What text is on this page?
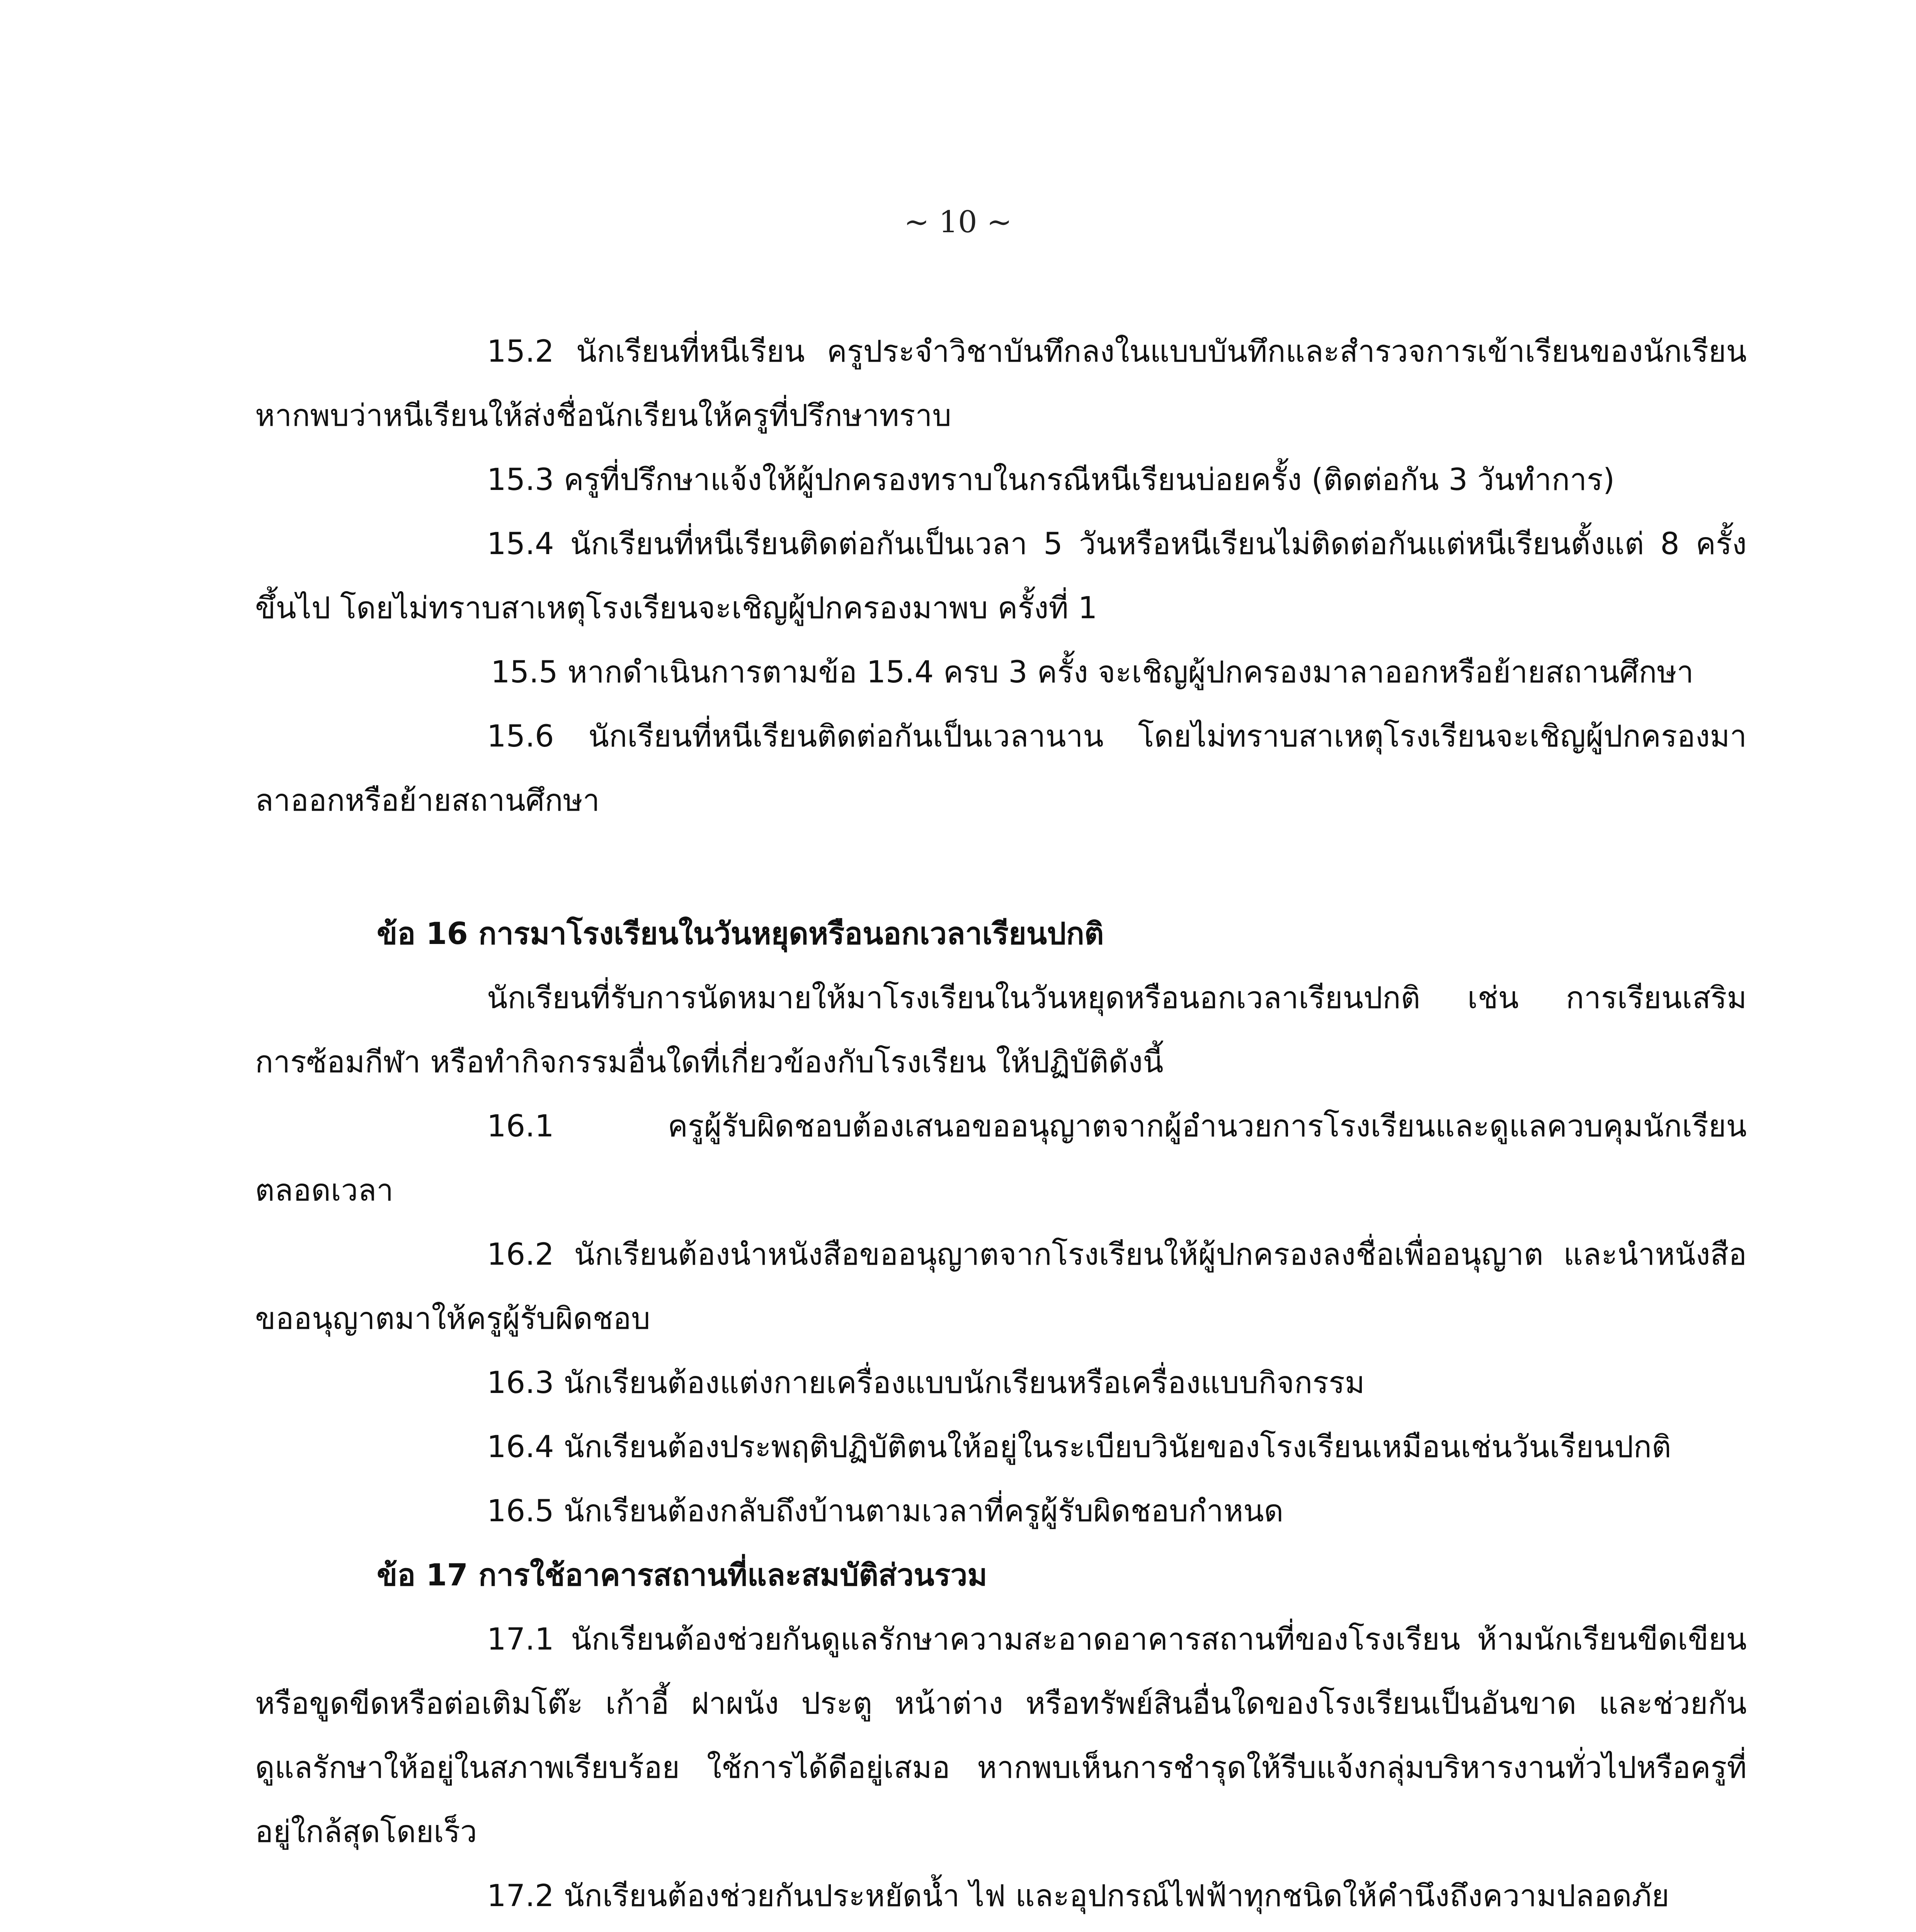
~ 10 ~

15.2 นักเรียนที่หนีเรียน ครูประจำวิชาบันทึกลงในแบบบันทึกและสำรวจการเข้าเรียนของนักเรียน

หากพบว่าหนีเรียนให้ส่งชื่อนักเรียนให้ครูที่ปรึกษาทราบ

15.3 ครูที่ปรึกษาแจ้งให้ผู้ปกครองทราบในกรณีหนีเรียนบ่อยครั้ง (ติดต่อกัน 3 วันทำการ)

15.4 นักเรียนที่หนีเรียนติดต่อกันเป็นเวลา 5 วันหรือหนีเรียนไม่ติดต่อกันแต่หนีเรียนตั้งแต่ 8 ครั้ง

ขึ้นไป โดยไม่ทราบสาเหตุโรงเรียนจะเชิญผู้ปกครองมาพบ ครั้งที่ 1

15.5 หากดำเนินการตามข้อ 15.4 ครบ 3 ครั้ง จะเชิญผู้ปกครองมาลาออกหรือย้ายสถานศึกษา

15.6 นักเรียนที่หนีเรียนติดต่อกันเป็นเวลานาน โดยไม่ทราบสาเหตุโรงเรียนจะเชิญผู้ปกครองมา

ลาออกหรือย้ายสถานศึกษา

ข้อ 16 การมาโรงเรียนในวันหยุดหรือนอกเวลาเรียนปกติ

นักเรียนที่รับการนัดหมายให้มาโรงเรียนในวันหยุดหรือนอกเวลาเรียนปกติ เช่น การเรียนเสริม

การซ้อมกีฬา หรือทำกิจกรรมอื่นใดที่เกี่ยวข้องกับโรงเรียน ให้ปฏิบัติดังนี้

16.1 ครูผู้รับผิดชอบต้องเสนอขออนุญาตจากผู้อำนวยการโรงเรียนและดูแลควบคุมนักเรียน

ตลอดเวลา

16.2 นักเรียนต้องนำหนังสือขออนุญาตจากโรงเรียนให้ผู้ปกครองลงชื่อเพื่ออนุญาต และนำหนังสือ

ขออนุญาตมาให้ครูผู้รับผิดชอบ

16.3 นักเรียนต้องแต่งกายเครื่องแบบนักเรียนหรือเครื่องแบบกิจกรรม

16.4 นักเรียนต้องประพฤติปฏิบัติตนให้อยู่ในระเบียบวินัยของโรงเรียนเหมือนเช่นวันเรียนปกติ

16.5 นักเรียนต้องกลับถึงบ้านตามเวลาที่ครูผู้รับผิดชอบกำหนด

ข้อ 17 การใช้อาคารสถานที่และสมบัติส่วนรวม

17.1 นักเรียนต้องช่วยกันดูแลรักษาความสะอาดอาคารสถานที่ของโรงเรียน ห้ามนักเรียนขีดเขียน

หรือขูดขีดหรือต่อเติมโต๊ะ เก้าอี้ ฝาผนัง ประตู หน้าต่าง หรือทรัพย์สินอื่นใดของโรงเรียนเป็นอันขาด และช่วยกัน

ดูแลรักษาให้อยู่ในสภาพเรียบร้อย ใช้การได้ดีอยู่เสมอ หากพบเห็นการชำรุดให้รีบแจ้งกลุ่มบริหารงานทั่วไปหรือครูที่

อยู่ใกล้สุดโดยเร็ว

17.2 นักเรียนต้องช่วยกันประหยัดน้ำ ไฟ และอุปกรณ์ไฟฟ้าทุกชนิดให้คำนึงถึงความปลอดภัย
